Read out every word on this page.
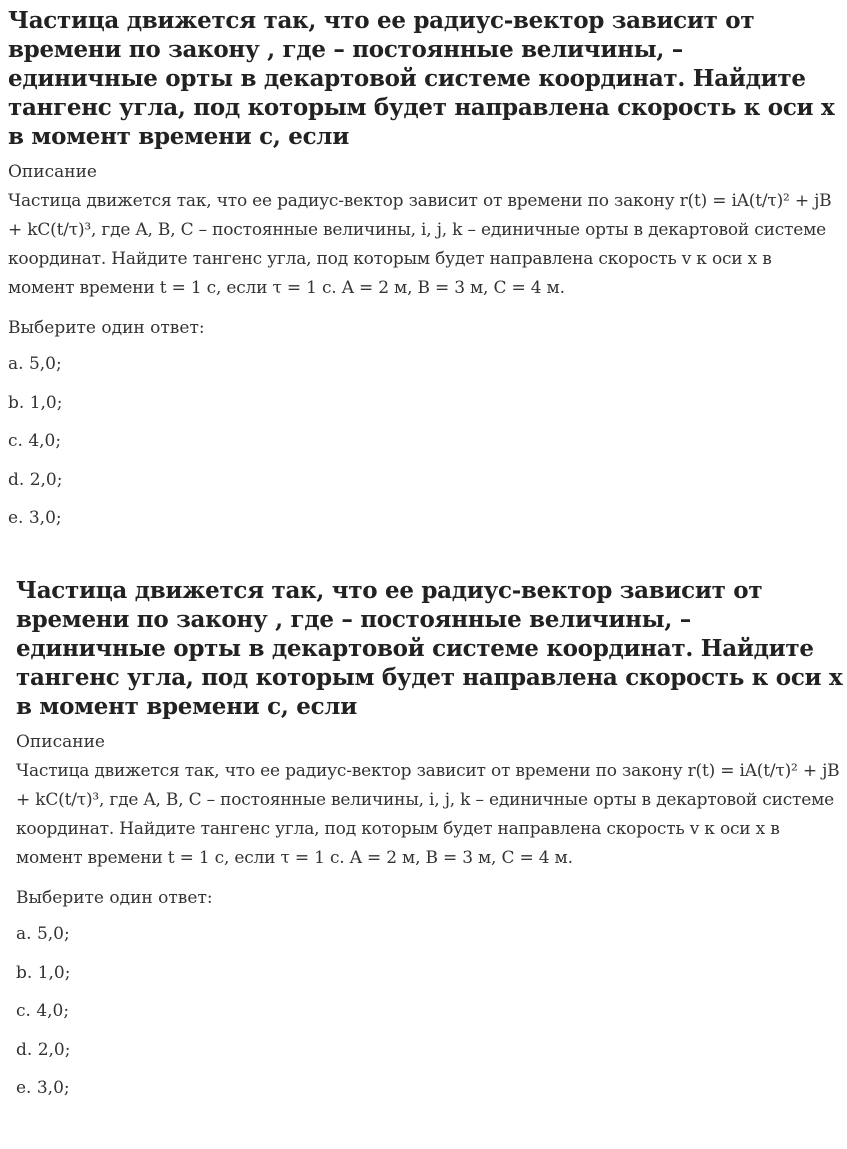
Частица движется так, что ее радиус-вектор зависит от времени по закону , где – постоянные величины, – единичные орты в декартовой системе координат. Найдите тангенс угла, под которым будет направлена скорость к оси x в момент времени с, если
Описание
Частица движется так, что ее радиус-вектор зависит от времени по закону r(t) = iA(t/τ)² + jB + kC(t/τ)³, где A, B, C – постоянные величины, i, j, k – единичные орты в декартовой системе координат. Найдите тангенс угла, под которым будет направлена скорость v к оси x в момент времени t = 1 с, если τ = 1 с. A = 2 м, B = 3 м, C = 4 м.
Выберите один ответ:
a. 5,0;
b. 1,0;
c. 4,0;
d. 2,0;
e. 3,0;
Частица движется так, что ее радиус-вектор зависит от времени по закону , где – постоянные величины, – единичные орты в декартовой системе координат. Найдите тангенс угла, под которым будет направлена скорость к оси x в момент времени с, если
Описание
Частица движется так, что ее радиус-вектор зависит от времени по закону r(t) = iA(t/τ)² + jB + kC(t/τ)³, где A, B, C – постоянные величины, i, j, k – единичные орты в декартовой системе координат. Найдите тангенс угла, под которым будет направлена скорость v к оси x в момент времени t = 1 с, если τ = 1 с. A = 2 м, B = 3 м, C = 4 м.
Выберите один ответ:
a. 5,0;
b. 1,0;
c. 4,0;
d. 2,0;
e. 3,0;
